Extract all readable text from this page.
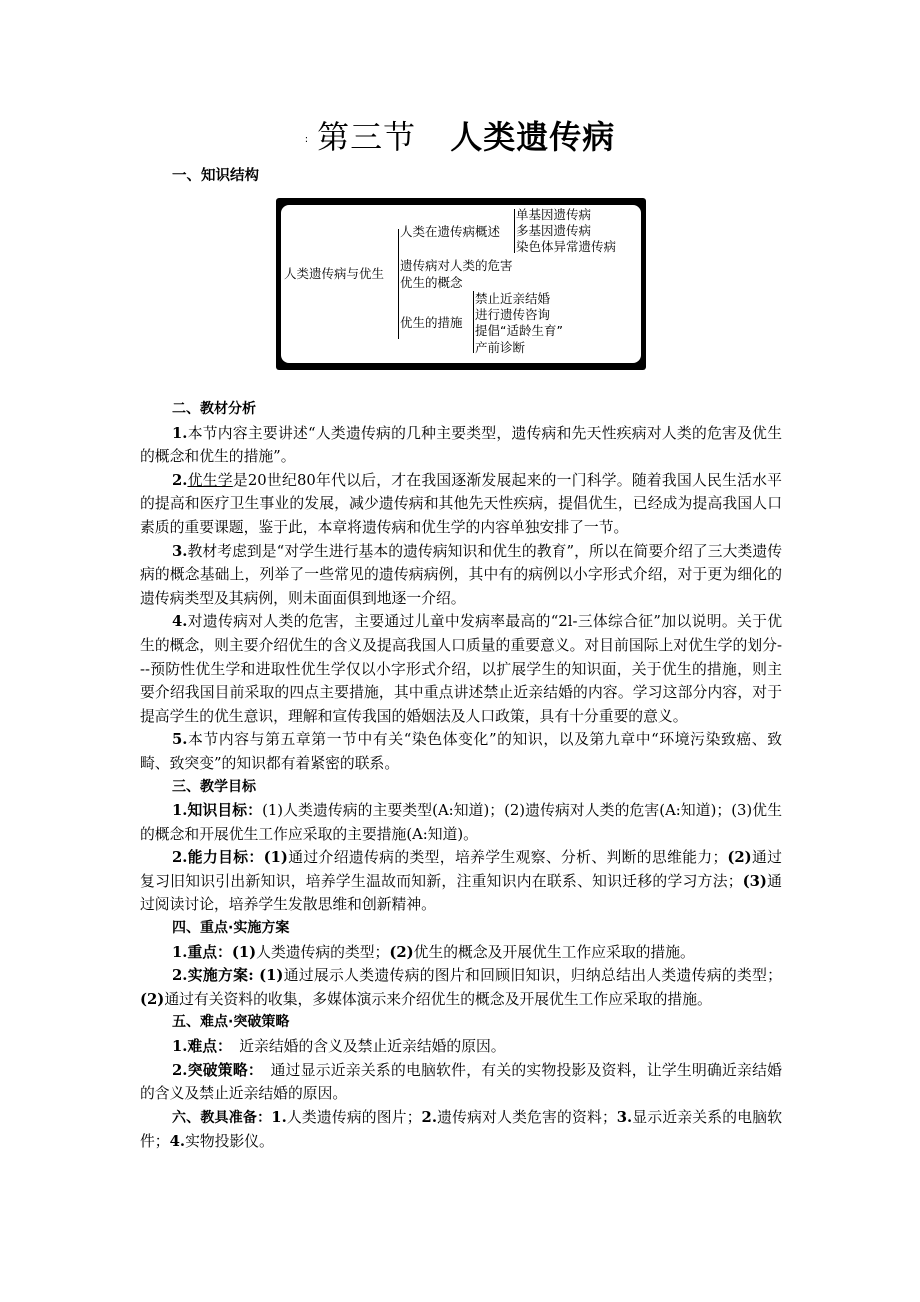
: 第三节 人类遗传病
一、知识结构
人类遗传病与优生
人类在遗传病概述
单基因遗传病
多基因遗传病
染色体异常遗传病
遗传病对人类的危害
优生的概念
优生的措施
禁止近亲结婚
进行遗传咨询
提倡“适龄生育”
产前诊断
二、教材分析

1.本节内容主要讲述“人类遗传病的几种主要类型，遗传病和先天性疾病对人类的危害及优生的概念和优生的措施”。

2.优生学是20世纪80年代以后，才在我国逐渐发展起来的一门科学。随着我国人民生活水平的提高和医疗卫生事业的发展，减少遗传病和其他先天性疾病，提倡优生，已经成为提高我国人口素质的重要课题，鉴于此，本章将遗传病和优生学的内容单独安排了一节。

3.教材考虑到是“对学生进行基本的遗传病知识和优生的教育”，所以在简要介绍了三大类遗传病的概念基础上，列举了一些常见的遗传病病例，其中有的病例以小字形式介绍，对于更为细化的遗传病类型及其病例，则未面面俱到地逐一介绍。

4.对遗传病对人类的危害，主要通过儿童中发病率最高的“2l-三体综合征”加以说明。关于优生的概念，则主要介绍优生的含义及提高我国人口质量的重要意义。对目前国际上对优生学的划分---预防性优生学和进取性优生学仅以小字形式介绍，以扩展学生的知识面，关于优生的措施，则主要介绍我国目前采取的四点主要措施，其中重点讲述禁止近亲结婚的内容。学习这部分内容，对于提高学生的优生意识，理解和宣传我国的婚姻法及人口政策，具有十分重要的意义。

5.本节内容与第五章第一节中有关“染色体变化”的知识，以及第九章中“环境污染致癌、致畸、致突变”的知识都有着紧密的联系。

三、教学目标

1.知识目标：(1)人类遗传病的主要类型(A:知道)；(2)遗传病对人类的危害(A:知道)；(3)优生的概念和开展优生工作应采取的主要措施(A:知道)。

2.能力目标：(1)通过介绍遗传病的类型，培养学生观察、分析、判断的思维能力；(2)通过复习旧知识引出新知识，培养学生温故而知新，注重知识内在联系、知识迁移的学习方法；(3)通过阅读讨论，培养学生发散思维和创新精神。

四、重点·实施方案

1.重点：(1)人类遗传病的类型；(2)优生的概念及开展优生工作应采取的措施。

2.实施方案: (1)通过展示人类遗传病的图片和回顾旧知识，归纳总结出人类遗传病的类型；(2)通过有关资料的收集，多媒体演示来介绍优生的概念及开展优生工作应采取的措施。

五、难点·突破策略

1.难点：　近亲结婚的含义及禁止近亲结婚的原因。

2.突破策略：　通过显示近亲关系的电脑软件，有关的实物投影及资料，让学生明确近亲结婚的含义及禁止近亲结婚的原因。

六、教具准备：1.人类遗传病的图片；2.遗传病对人类危害的资料；3.显示近亲关系的电脑软件；4.实物投影仪。
